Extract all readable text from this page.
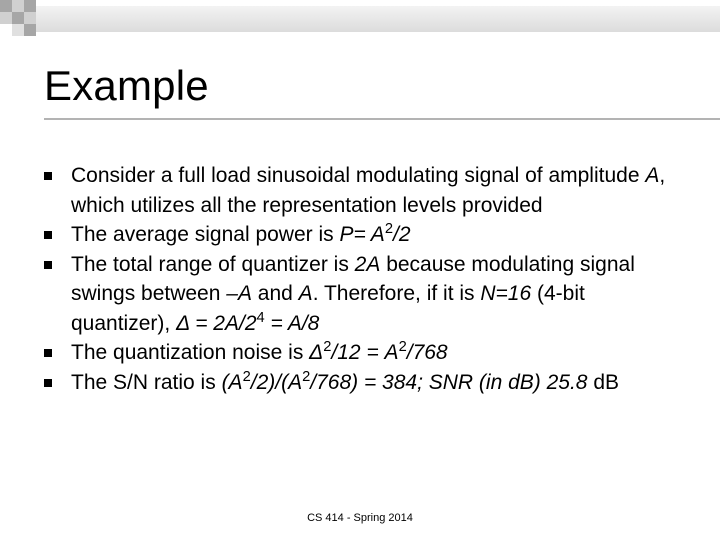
Example
Consider a full load sinusoidal modulating signal of amplitude A, which utilizes all the representation levels provided
The average signal power is $P= A^2/2$
The total range of quantizer is 2A because modulating signal swings between –A and A. Therefore, if it is N=16 (4-bit quantizer), $\Delta = 2A/2^4 = A/8$
The quantization noise is $\Delta^2/12 = A^2/768$
The S/N ratio is $(A^2/2)/(A^2/768) = 384$; SNR (in dB) 25.8 dB
CS 414 - Spring 2014
